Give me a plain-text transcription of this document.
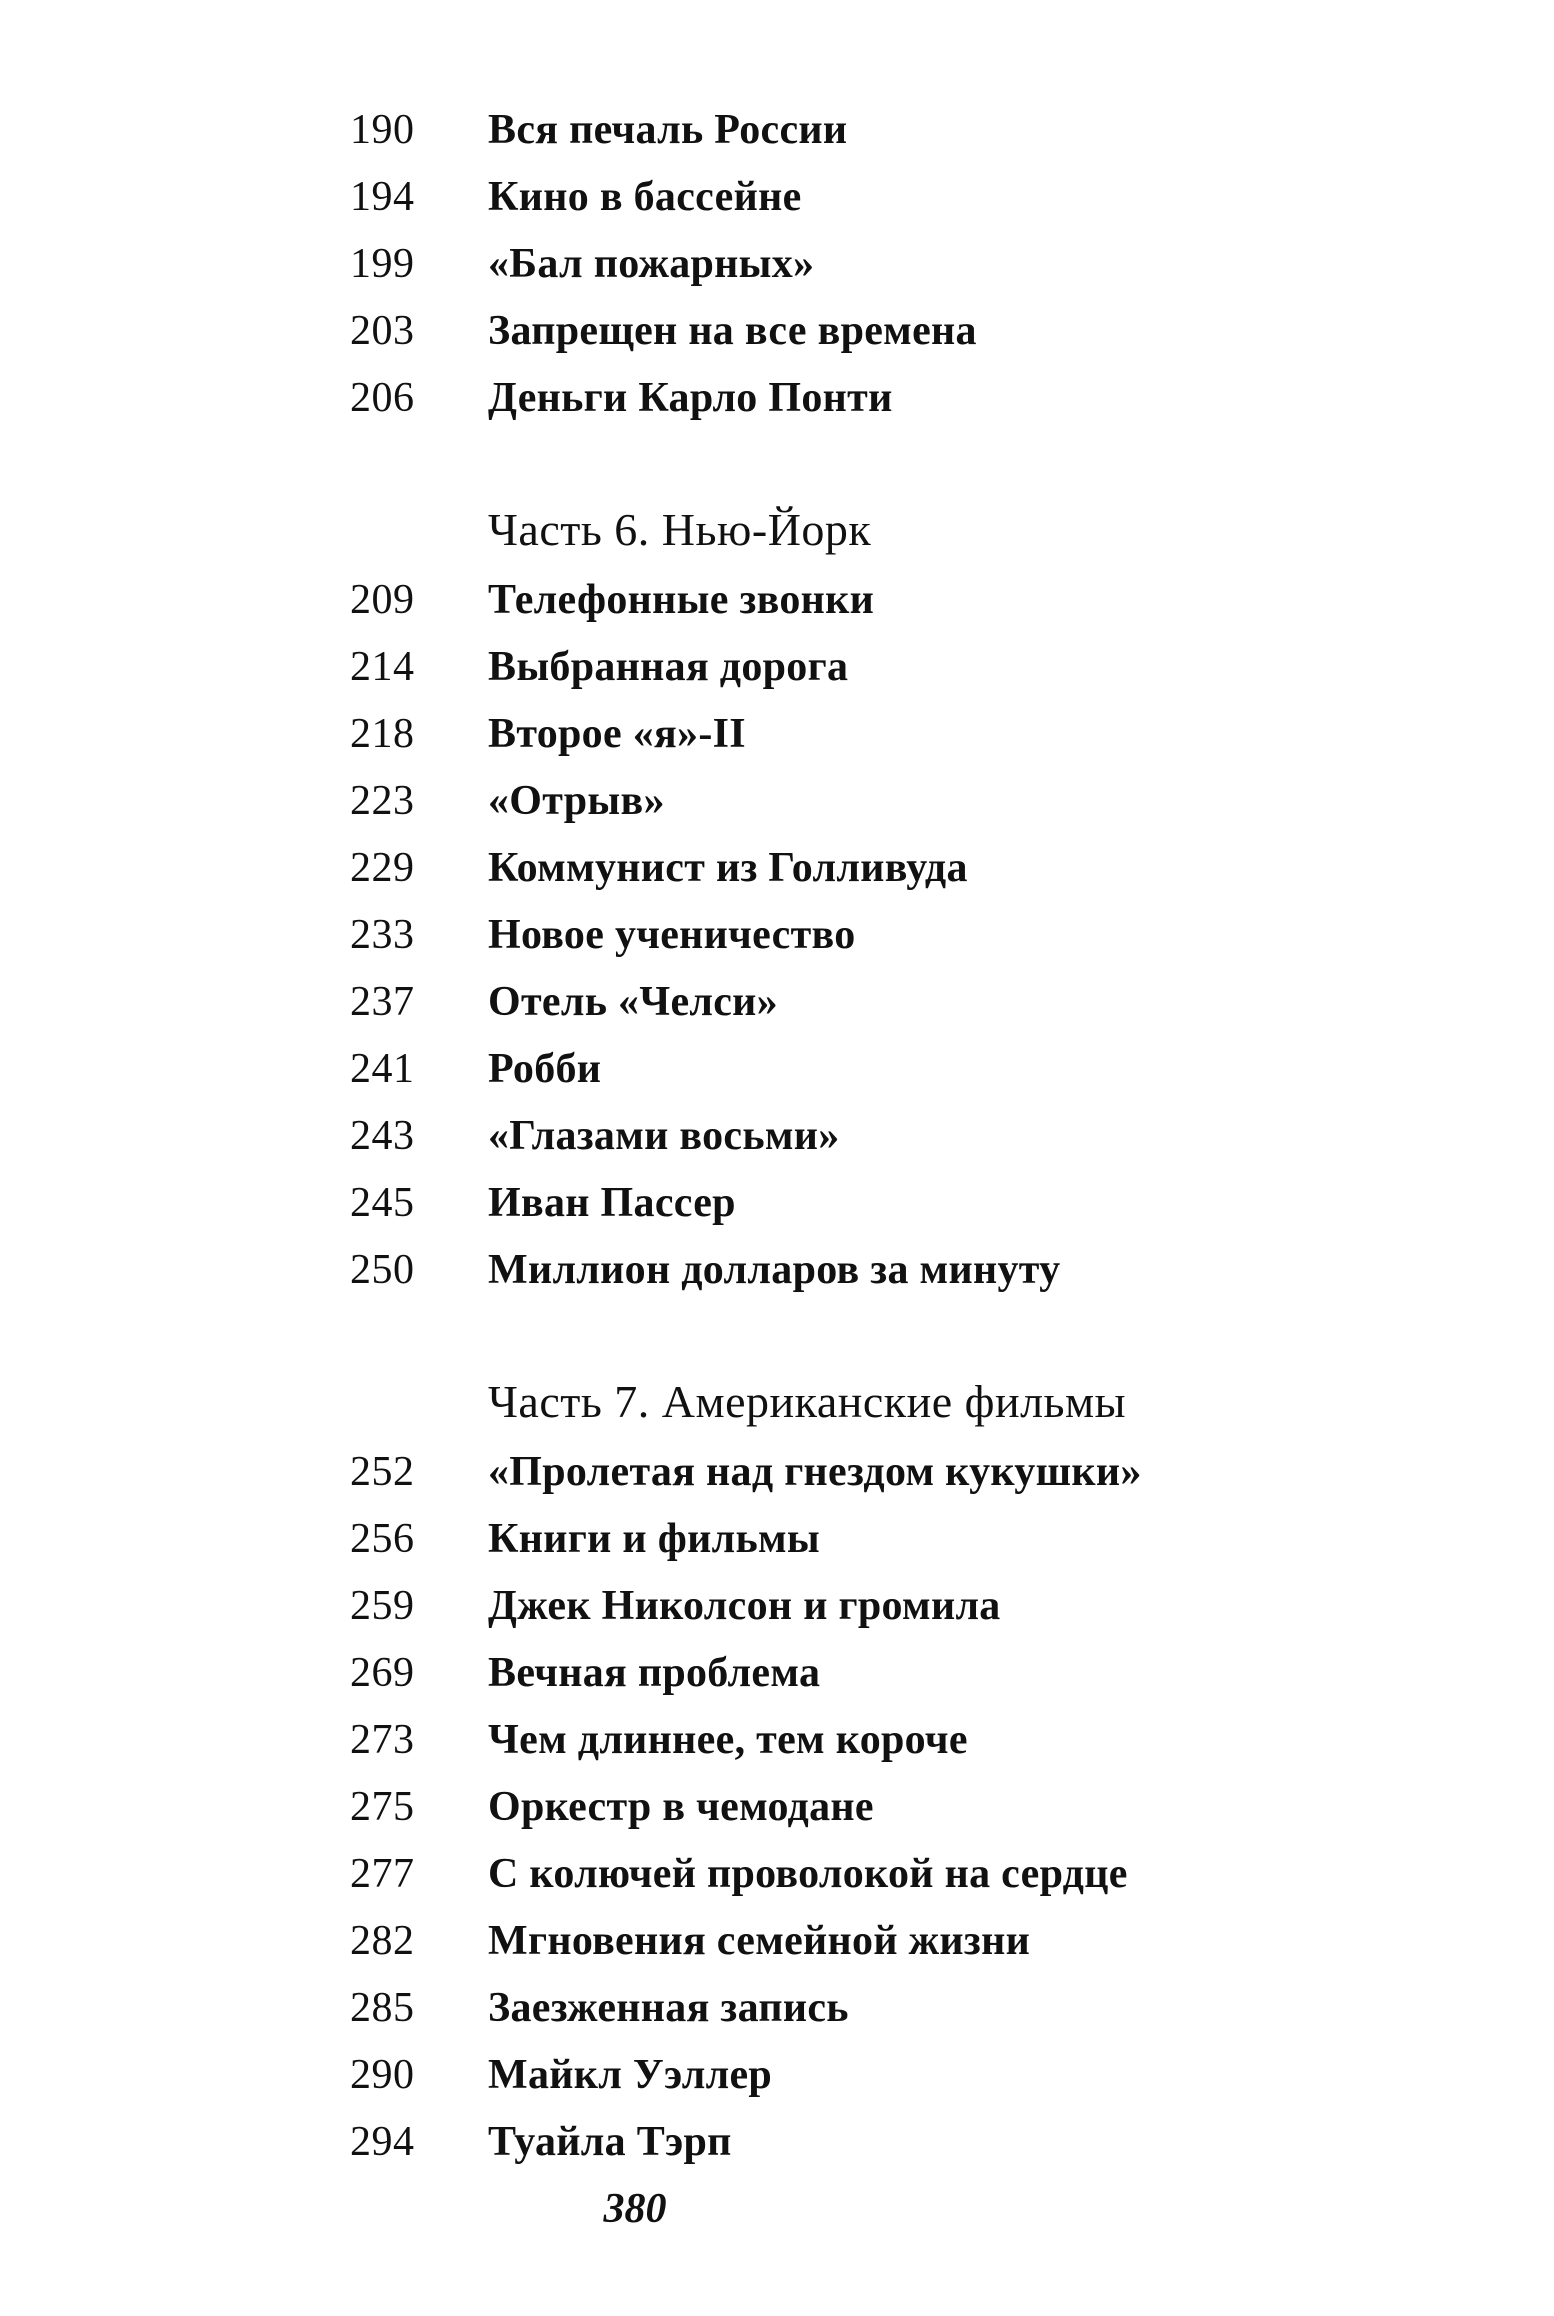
190	Вся печаль России
194	Кино в бассейне
199	«Бал пожарных»
203	Запрещен на все времена
206	Деньги Карло Понти
Часть 6. Нью-Йорк
209	Телефонные звонки
214	Выбранная дорога
218	Второе «я»-II
223	«Отрыв»
229	Коммунист из Голливуда
233	Новое ученичество
237	Отель «Челси»
241	Робби
243	«Глазами восьми»
245	Иван Пассер
250	Миллион долларов за минуту
Часть 7. Американские фильмы
252	«Пролетая над гнездом кукушки»
256	Книги и фильмы
259	Джек Николсон и громила
269	Вечная проблема
273	Чем длиннее, тем короче
275	Оркестр в чемодане
277	С колючей проволокой на сердце
282	Мгновения семейной жизни
285	Заезженная запись
290	Майкл Уэллер
294	Туайла Тэрп
380
